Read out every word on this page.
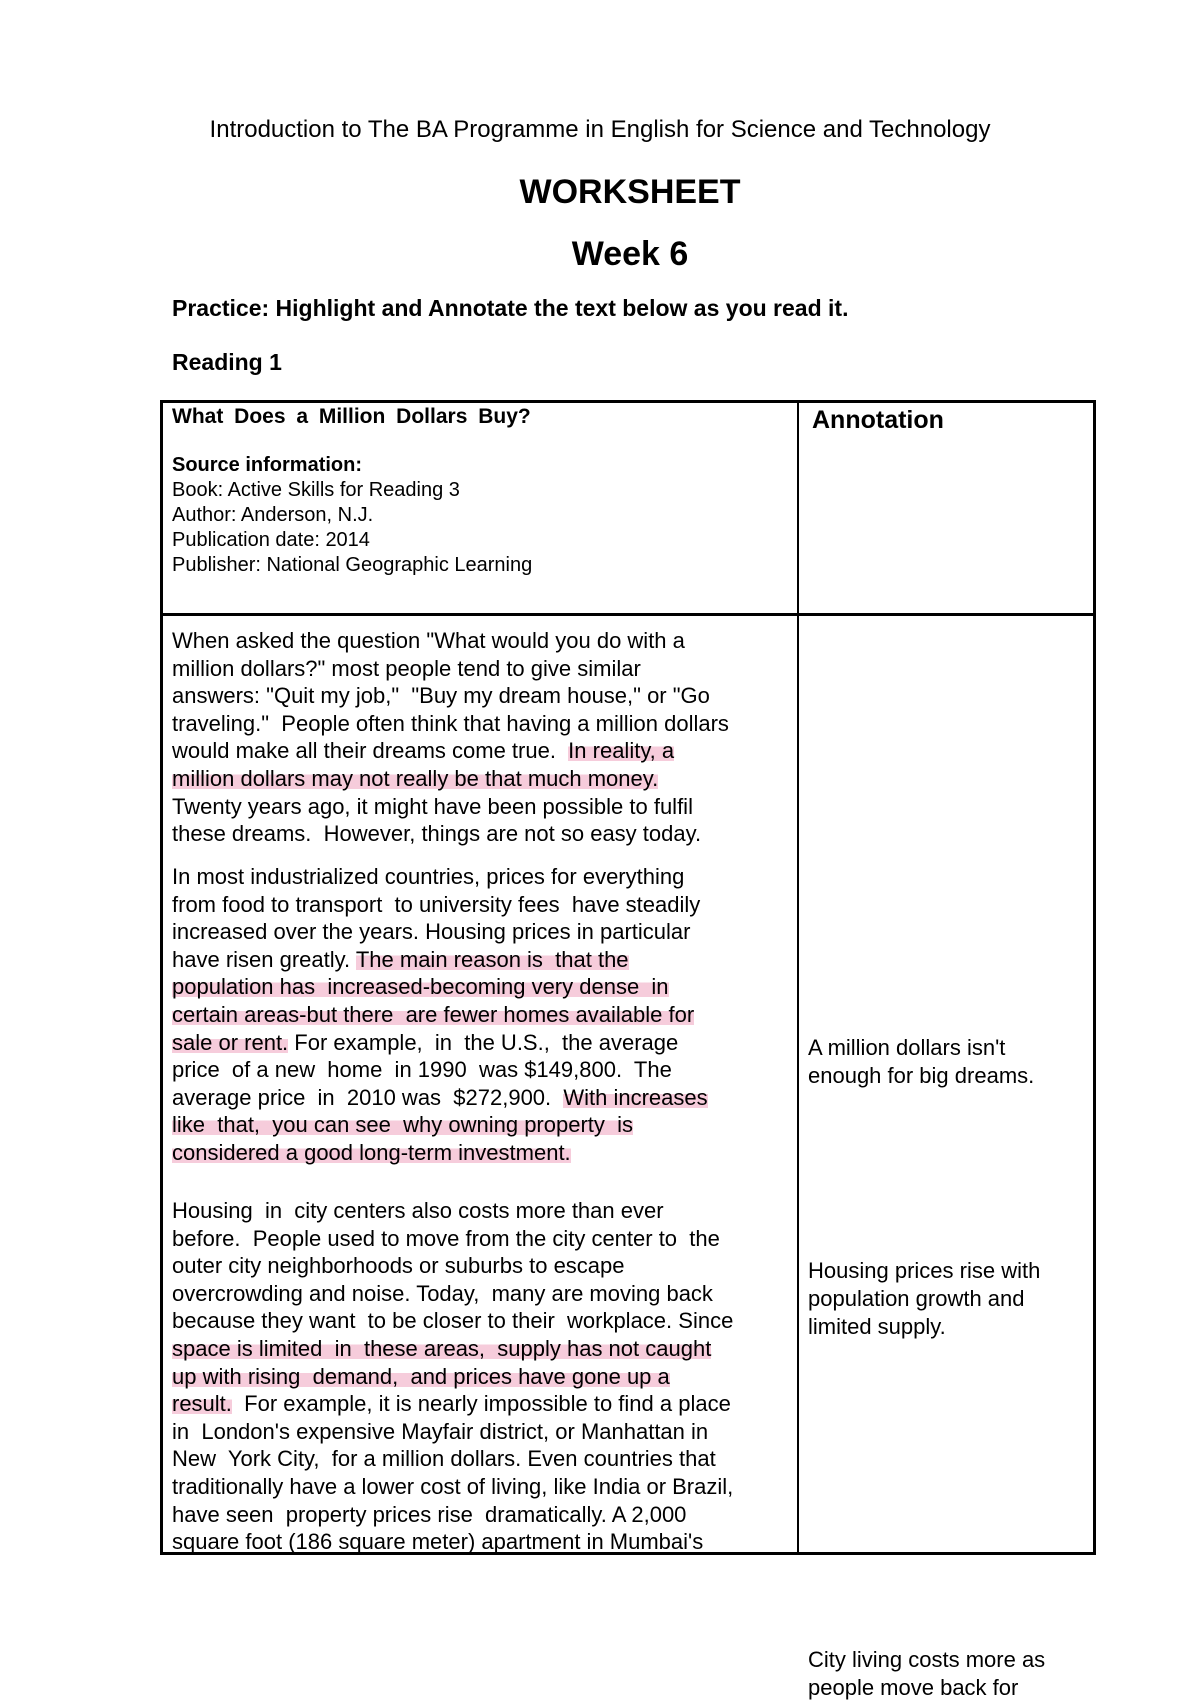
Introduction to The BA Programme in English for Science and Technology
WORKSHEET
Week 6
Practice: Highlight and Annotate the text below as you read it.
Reading 1
What Does a Million Dollars Buy?
Source information:
Book: Active Skills for Reading 3
Author: Anderson, N.J.
Publication date: 2014
Publisher: National Geographic Learning
Annotation
When asked the question "What would you do with a
million dollars?" most people tend to give similar
answers: "Quit my job,"  "Buy my dream house," or "Go
traveling."  People often think that having a million dollars
would make all their dreams come true.  In reality, a
million dollars may not really be that much money.
Twenty years ago, it might have been possible to fulfil
these dreams.  However, things are not so easy today.
In most industrialized countries, prices for everything
from food to transport  to university fees  have steadily
increased over the years. Housing prices in particular
have risen greatly. The main reason is  that the
population has  increased-becoming very dense  in
certain areas-but there  are fewer homes available for
sale or rent. For example,  in  the U.S.,  the average
price  of a new  home  in 1990  was $149,800.  The
average price  in  2010 was  $272,900.  With increases
like  that,  you can see  why owning property  is
considered a good long-term investment.
Housing  in  city centers also costs more than ever
before.  People used to move from the city center to  the
outer city neighborhoods or suburbs to escape
overcrowding and noise. Today,  many are moving back
because they want  to be closer to their  workplace. Since
space is limited  in  these areas,  supply has not caught
up with rising  demand,  and prices have gone up a
result.  For example, it is nearly impossible to find a place
in  London's expensive Mayfair district, or Manhattan in
New  York City,  for a million dollars. Even countries that
traditionally have a lower cost of living, like India or Brazil,
have seen  property prices rise  dramatically. A 2,000
square foot (186 square meter) apartment in Mumbai's
A million dollars isn't
enough for big dreams.
Housing prices rise with
population growth and
limited supply.
City living costs more as
people move back for
